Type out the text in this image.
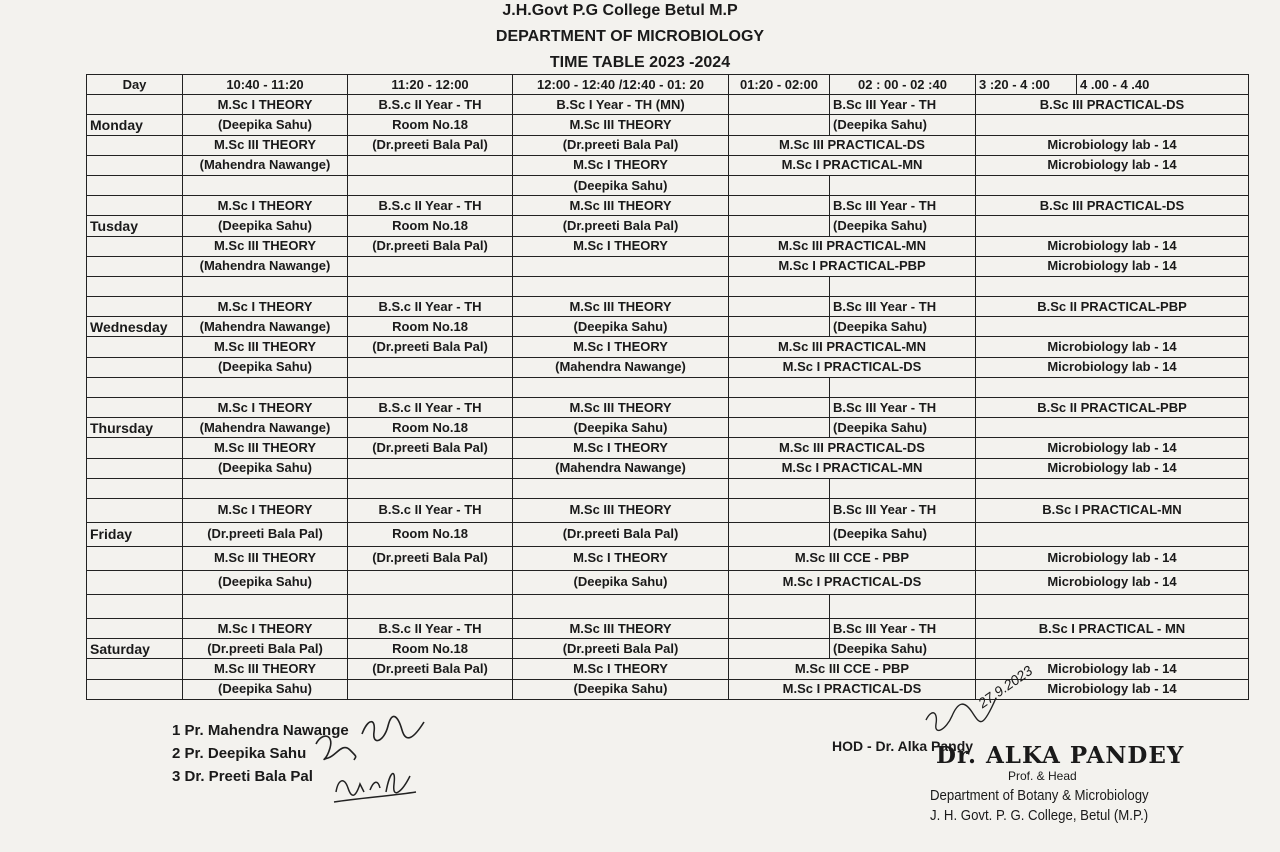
J.H.Govt P.G College Betul M.P
DEPARTMENT OF MICROBIOLOGY
TIME TABLE 2023 -2024
Day	10:40 - 11:20	11:20 - 12:00	12:00 - 12:40 /12:40 - 01: 20	01:20 - 02:00	02 : 00 - 02 :40	3 :20 - 4 :00	4 .00 - 4 .40
	M.Sc I THEORY	B.S.c II Year - TH	B.Sc I Year - TH (MN)		B.Sc III Year - TH	B.Sc III PRACTICAL-DS	
Monday	(Deepika Sahu)	Room No.18	M.Sc III THEORY		(Deepika Sahu)		
	M.Sc III THEORY	(Dr.preeti Bala Pal)	(Dr.preeti Bala Pal)	M.Sc III PRACTICAL-DS		Microbiology lab - 14	
	(Mahendra Nawange)		M.Sc I THEORY	M.Sc I PRACTICAL-MN		Microbiology lab - 14	
			(Deepika Sahu)				
	M.Sc I THEORY	B.S.c II Year - TH	M.Sc III THEORY		B.Sc III Year - TH	B.Sc III PRACTICAL-DS	
Tusday	(Deepika Sahu)	Room No.18	(Dr.preeti Bala Pal)		(Deepika Sahu)		
	M.Sc III THEORY	(Dr.preeti Bala Pal)	M.Sc I THEORY	M.Sc III PRACTICAL-MN		Microbiology lab - 14	
	(Mahendra Nawange)			M.Sc I PRACTICAL-PBP		Microbiology lab - 14	

	M.Sc I THEORY	B.S.c II Year - TH	M.Sc III THEORY		B.Sc III Year - TH	B.Sc II PRACTICAL-PBP	
Wednesday	(Mahendra Nawange)	Room No.18	(Deepika Sahu)		(Deepika Sahu)		
	M.Sc III THEORY	(Dr.preeti Bala Pal)	M.Sc I THEORY	M.Sc III PRACTICAL-MN		Microbiology lab - 14	
	(Deepika Sahu)		(Mahendra Nawange)	M.Sc I PRACTICAL-DS		Microbiology lab - 14	

	M.Sc I THEORY	B.S.c II Year - TH	M.Sc III THEORY		B.Sc III Year - TH	B.Sc II PRACTICAL-PBP	
Thursday	(Mahendra Nawange)	Room No.18	(Deepika Sahu)		(Deepika Sahu)		
	M.Sc III THEORY	(Dr.preeti Bala Pal)	M.Sc I THEORY	M.Sc III PRACTICAL-DS		Microbiology lab - 14	
	(Deepika Sahu)		(Mahendra Nawange)	M.Sc I PRACTICAL-MN		Microbiology lab - 14	

	M.Sc I THEORY	B.S.c II Year - TH	M.Sc III THEORY		B.Sc III Year - TH	B.Sc I PRACTICAL-MN	
Friday	(Dr.preeti Bala Pal)	Room No.18	(Dr.preeti Bala Pal)		(Deepika Sahu)		
	M.Sc III THEORY	(Dr.preeti Bala Pal)	M.Sc I THEORY	M.Sc III CCE - PBP		Microbiology lab - 14	
	(Deepika Sahu)		(Deepika Sahu)	M.Sc I PRACTICAL-DS		Microbiology lab - 14	

	M.Sc I THEORY	B.S.c II Year - TH	M.Sc III THEORY		B.Sc III Year - TH	B.Sc I PRACTICAL - MN	
Saturday	(Dr.preeti Bala Pal)	Room No.18	(Dr.preeti Bala Pal)		(Deepika Sahu)		
	M.Sc III THEORY	(Dr.preeti Bala Pal)	M.Sc I THEORY	M.Sc III CCE - PBP		Microbiology lab - 14	
	(Deepika Sahu)		(Deepika Sahu)	M.Sc I PRACTICAL-DS		Microbiology lab - 14	
1 Pr. Mahendra Nawange
2 Pr. Deepika Sahu
3 Dr. Preeti Bala Pal
27.9.2023
HOD - Dr. Alka Pandy
Dr. ALKA PANDEY
Prof. & Head
Department of Botany & Microbiology
J. H. Govt. P. G. College, Betul (M.P.)
